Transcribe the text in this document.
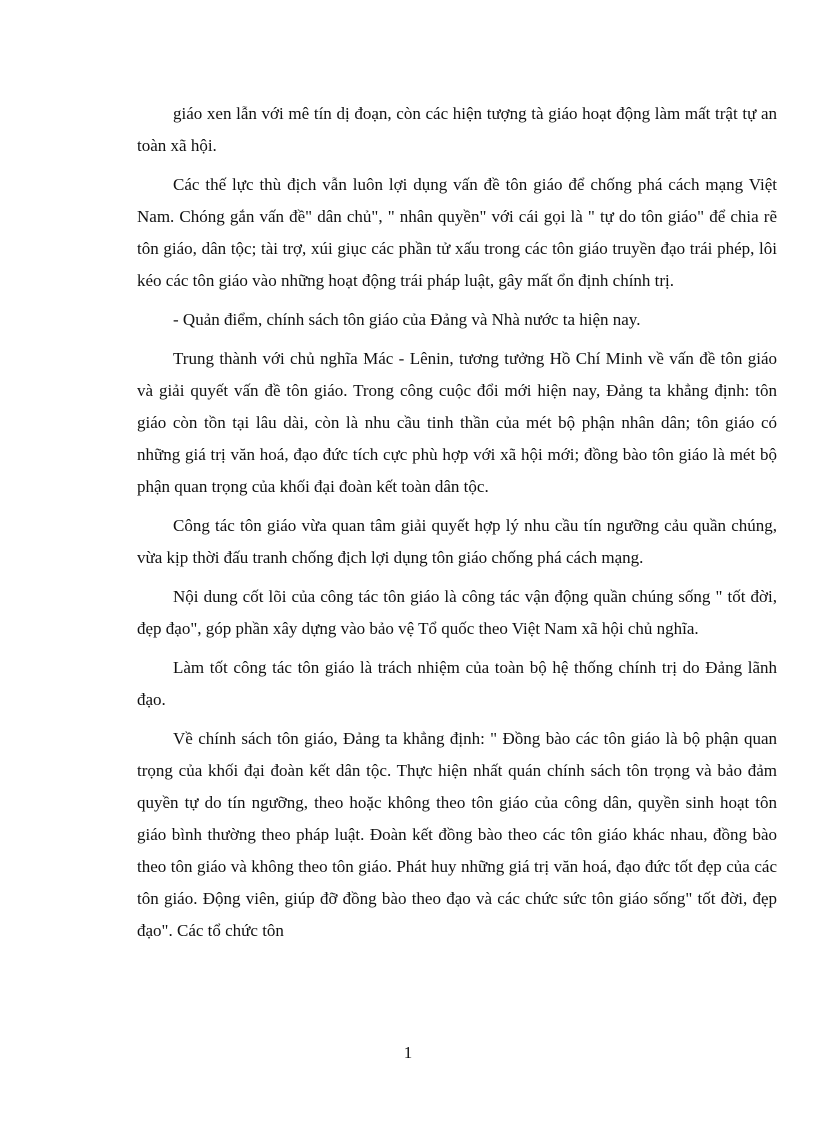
giáo xen lẫn với mê tín dị đoạn, còn các hiện tượng tà giáo hoạt động làm mất trật tự an toàn xã hội.

Các thế lực thù địch vẫn luôn lợi dụng vấn đề tôn giáo để chống phá cách mạng Việt Nam. Chóng gắn vấn đề" dân chủ", " nhân quyền" với cái gọi là " tự do tôn giáo" để chia rẽ tôn giáo, dân tộc; tài trợ, xúi giục các phần tử xấu trong các tôn giáo truyền đạo trái phép, lôi kéo các tôn giáo vào những hoạt động trái pháp luật, gây mất ổn định chính trị.

- Quản điểm, chính sách tôn giáo của Đảng và Nhà nước ta hiện nay.

Trung thành với chủ nghĩa Mác - Lênin, tương tưởng Hồ Chí Minh về vấn đề tôn giáo và giải quyết vấn đề tôn giáo. Trong công cuộc đổi mới hiện nay, Đảng ta khẳng định: tôn giáo còn tồn tại lâu dài, còn là nhu cầu tinh thần của mét bộ phận nhân dân; tôn giáo có những giá trị văn hoá, đạo đức tích cực phù hợp với xã hội mới; đồng bào tôn giáo là mét bộ phận quan trọng của khối đại đoàn kết toàn dân tộc.

Công tác tôn giáo vừa quan tâm giải quyết hợp lý nhu cầu tín ngưỡng cảu quần chúng, vừa kịp thời đấu tranh chống địch lợi dụng tôn giáo chống phá cách mạng.

Nội dung cốt lõi của công tác tôn giáo là công tác vận động quần chúng sống " tốt đời, đẹp đạo", góp phần xây dựng vào bảo vệ Tổ quốc theo Việt Nam xã hội chủ nghĩa.

Làm tốt công tác tôn giáo là trách nhiệm của toàn bộ hệ thống chính trị do Đảng lãnh đạo.

Về chính sách tôn giáo, Đảng ta khẳng định: " Đồng bào các tôn giáo là bộ phận quan trọng của khối đại đoàn kết dân tộc. Thực hiện nhất quán chính sách tôn trọng và bảo đảm quyền tự do tín ngưỡng, theo hoặc không theo tôn giáo của công dân, quyền sinh hoạt tôn giáo bình thường theo pháp luật. Đoàn kết đồng bào theo các tôn giáo khác nhau, đồng bào theo tôn giáo và không theo tôn giáo. Phát huy những giá trị văn hoá, đạo đức tốt đẹp của các tôn giáo. Động viên, giúp đỡ đồng bào theo đạo và các chức sức tôn giáo sống" tốt đời, đẹp đạo". Các tổ chức tôn

1
